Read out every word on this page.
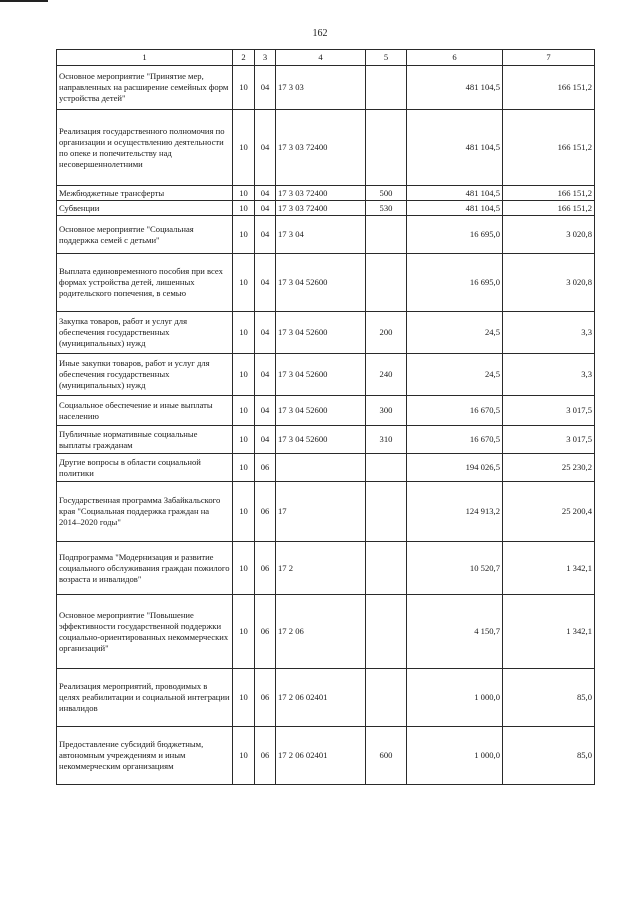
162
1	2	3	4	5	6	7
Основное мероприятие "Принятие мер, направленных на расширение семейных форм устройства детей"	10	04	17 3 03		481 104,5	166 151,2
Реализация государственного полномочия по организации и осуществлению деятельности по опеке и попечительству над несовершеннолетними	10	04	17 3 03 72400		481 104,5	166 151,2
Межбюджетные трансферты	10	04	17 3 03 72400	500	481 104,5	166 151,2
Субвенции	10	04	17 3 03 72400	530	481 104,5	166 151,2
Основное мероприятие "Социальная поддержка семей с детьми"	10	04	17 3 04		16 695,0	3 020,8
Выплата единовременного пособия при всех формах устройства детей, лишенных родительского попечения, в семью	10	04	17 3 04 52600		16 695,0	3 020,8
Закупка товаров, работ и услуг для обеспечения государственных (муниципальных) нужд	10	04	17 3 04 52600	200	24,5	3,3
Иные закупки товаров, работ и услуг для обеспечения государственных (муниципальных) нужд	10	04	17 3 04 52600	240	24,5	3,3
Социальное обеспечение и иные выплаты населению	10	04	17 3 04 52600	300	16 670,5	3 017,5
Публичные нормативные социальные выплаты гражданам	10	04	17 3 04 52600	310	16 670,5	3 017,5
Другие вопросы в области социальной политики	10	06			194 026,5	25 230,2
Государственная программа Забайкальского края "Социальная поддержка граждан на 2014–2020 годы"	10	06	17		124 913,2	25 200,4
Подпрограмма "Модернизация и развитие социального обслуживания граждан пожилого возраста и инвалидов"	10	06	17 2		10 520,7	1 342,1
Основное мероприятие "Повышение эффективности государственной поддержки социально-ориентированных некоммерческих организаций"	10	06	17 2 06		4 150,7	1 342,1
Реализация мероприятий, проводимых в целях реабилитации и социальной интеграции инвалидов	10	06	17 2 06 02401		1 000,0	85,0
Предоставление субсидий бюджетным, автономным учреждениям и иным некоммерческим организациям	10	06	17 2 06 02401	600	1 000,0	85,0
